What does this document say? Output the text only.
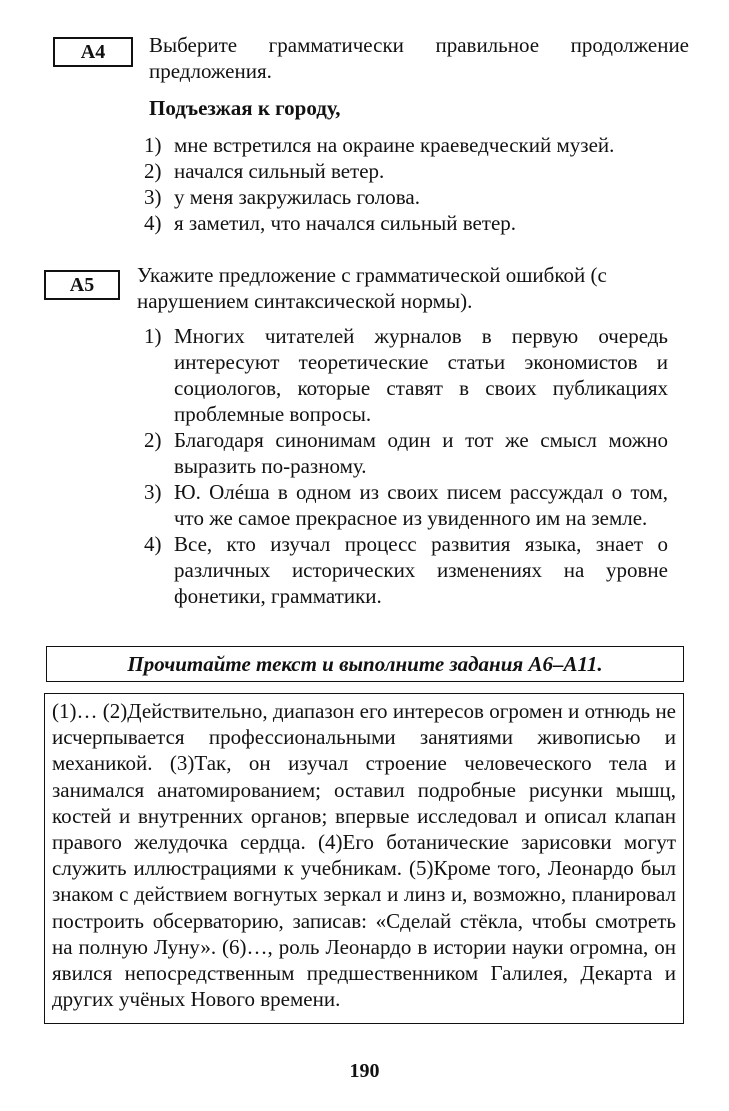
A4	Выберите грамматически правильное продолжение предложения.
Подъезжая к городу,
1) мне встретился на окраине краеведческий музей.
2) начался сильный ветер.
3) у меня закружилась голова.
4) я заметил, что начался сильный ветер.
A5	Укажите предложение с грамматической ошибкой (с нарушением синтаксической нормы).
1) Многих читателей журналов в первую очередь интересуют теоретические статьи экономистов и социологов, которые ставят в своих публикациях проблемные вопросы.
2) Благодаря синонимам один и тот же смысл можно выразить по-разному.
3) Ю. Олéша в одном из своих писем рассуждал о том, что же самое прекрасное из увиденного им на земле.
4) Все, кто изучал процесс развития языка, знает о различных исторических изменениях на уровне фонетики, грамматики.
Прочитайте текст и выполните задания А6–А11.
(1)… (2)Действительно, диапазон его интересов огромен и отнюдь не исчерпывается профессиональными занятиями живописью и механикой. (3)Так, он изучал строение человеческого тела и занимался анатомированием; оставил подробные рисунки мышц, костей и внутренних органов; впервые исследовал и описал клапан правого желудочка сердца. (4)Его ботанические зарисовки могут служить иллюстрациями к учебникам. (5)Кроме того, Леонардо был знаком с действием вогнутых зеркал и линз и, возможно, планировал построить обсерваторию, записав: «Сделай стёкла, чтобы смотреть на полную Луну». (6)…, роль Леонардо в истории науки огромна, он явился непосредственным предшественником Галилея, Декарта и других учёных Нового времени.
190
